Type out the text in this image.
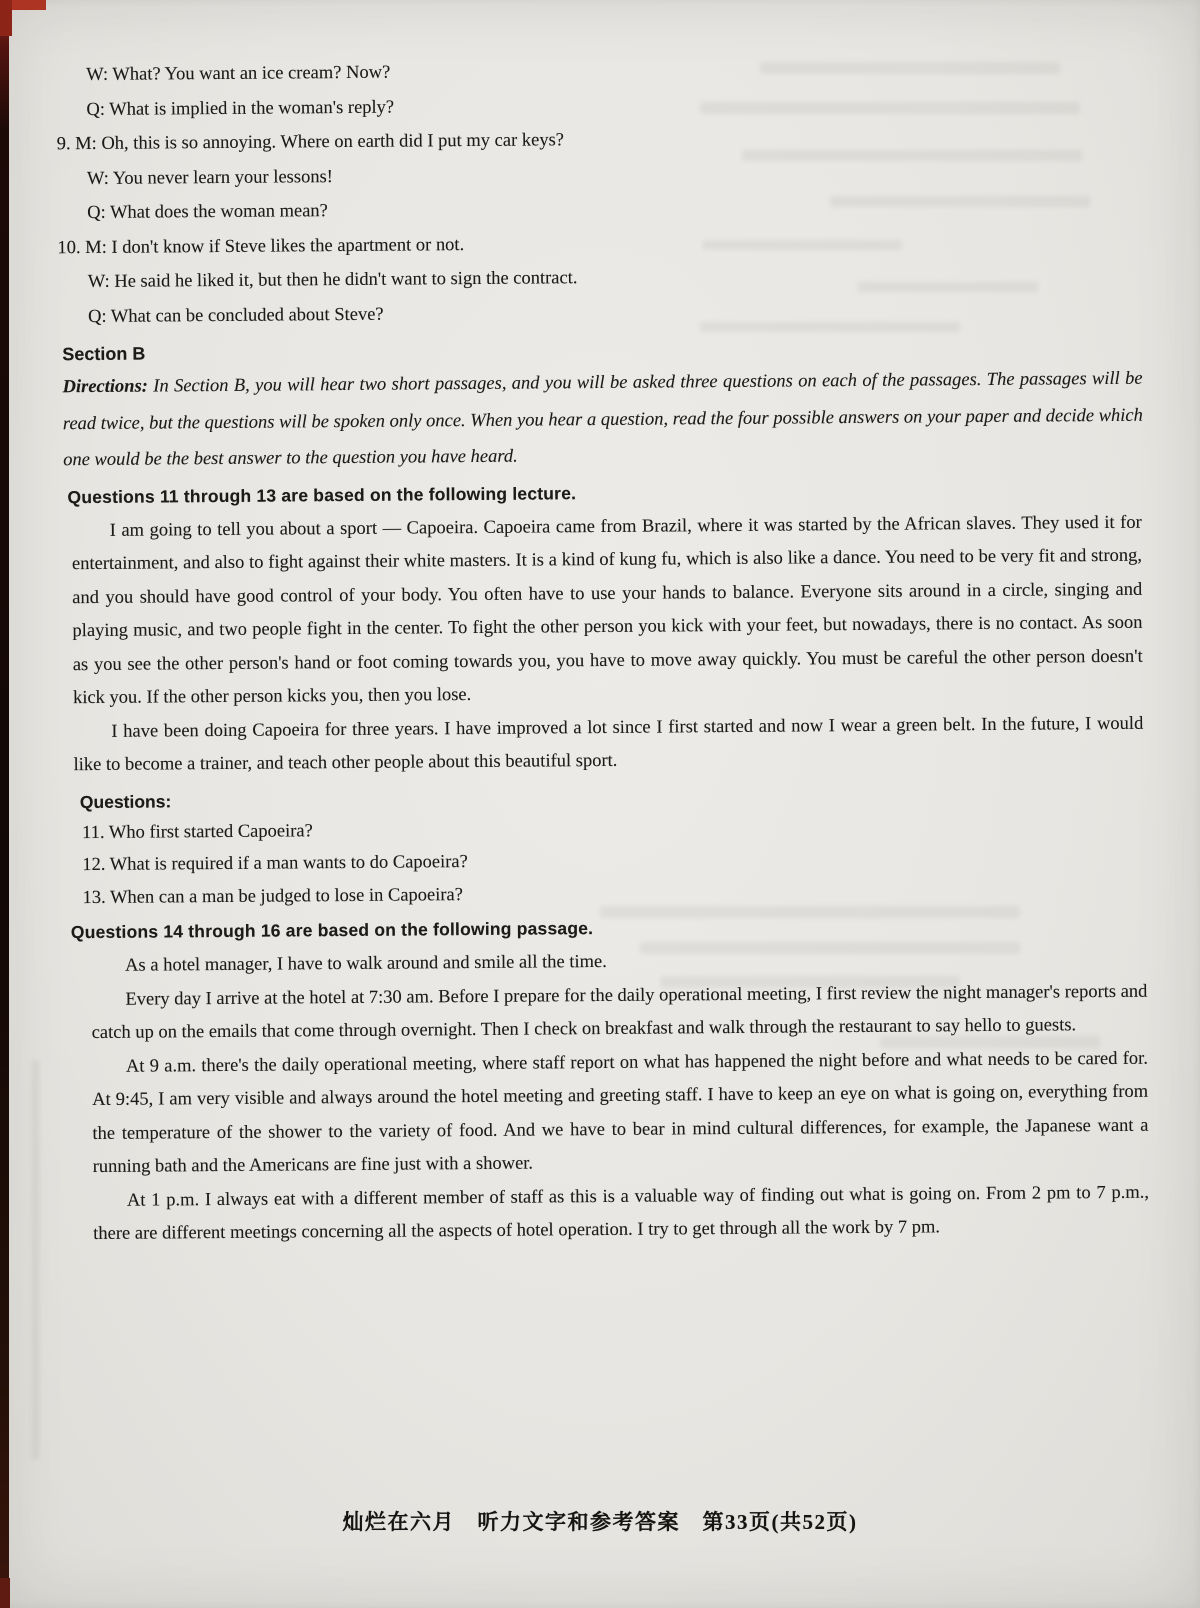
W: What? You want an ice cream? Now?

Q: What is implied in the woman's reply?

9. M: Oh, this is so annoying. Where on earth did I put my car keys?

W: You never learn your lessons!

Q: What does the woman mean?

10. M: I don't know if Steve likes the apartment or not.

W: He said he liked it, but then he didn't want to sign the contract.

Q: What can be concluded about Steve?

Section B

Directions: In Section B, you will hear two short passages, and you will be asked three questions on each of the passages. The passages will be read twice, but the questions will be spoken only once. When you hear a question, read the four possible answers on your paper and decide which one would be the best answer to the question you have heard.

Questions 11 through 13 are based on the following lecture.

I am going to tell you about a sport — Capoeira. Capoeira came from Brazil, where it was started by the African slaves. They used it for entertainment, and also to fight against their white masters. It is a kind of kung fu, which is also like a dance. You need to be very fit and strong, and you should have good control of your body. You often have to use your hands to balance. Everyone sits around in a circle, singing and playing music, and two people fight in the center. To fight the other person you kick with your feet, but nowadays, there is no contact. As soon as you see the other person's hand or foot coming towards you, you have to move away quickly. You must be careful the other person doesn't kick you. If the other person kicks you, then you lose.

I have been doing Capoeira for three years. I have improved a lot since I first started and now I wear a green belt. In the future, I would like to become a trainer, and teach other people about this beautiful sport.

Questions:

11. Who first started Capoeira?

12. What is required if a man wants to do Capoeira?

13. When can a man be judged to lose in Capoeira?

Questions 14 through 16 are based on the following passage.

As a hotel manager, I have to walk around and smile all the time.

Every day I arrive at the hotel at 7:30 am. Before I prepare for the daily operational meeting, I first review the night manager's reports and catch up on the emails that come through overnight. Then I check on breakfast and walk through the restaurant to say hello to guests.

At 9 a.m. there's the daily operational meeting, where staff report on what has happened the night before and what needs to be cared for. At 9:45, I am very visible and always around the hotel meeting and greeting staff. I have to keep an eye on what is going on, everything from the temperature of the shower to the variety of food. And we have to bear in mind cultural differences, for example, the Japanese want a running bath and the Americans are fine just with a shower.

At 1 p.m. I always eat with a different member of staff as this is a valuable way of finding out what is going on. From 2 pm to 7 p.m., there are different meetings concerning all the aspects of hotel operation. I try to get through all the work by 7 pm.

灿烂在六月　听力文字和参考答案　第33页(共52页)
